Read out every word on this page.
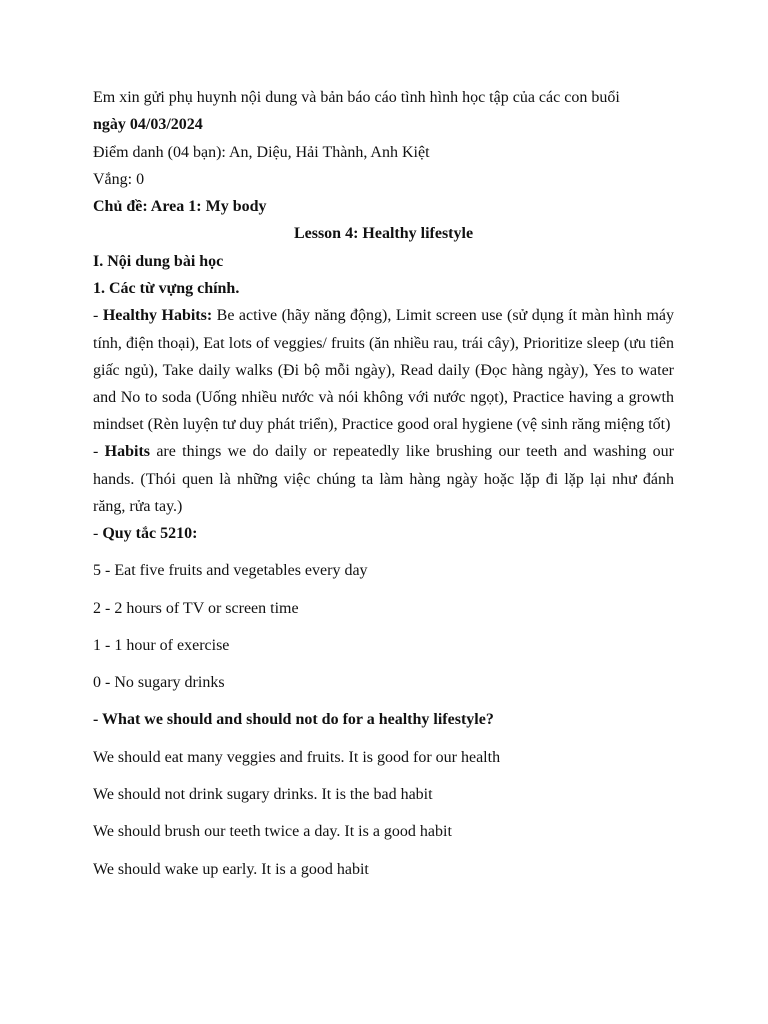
Em xin gửi phụ huynh nội dung và bản báo cáo tình hình học tập của các con buổi

ngày 04/03/2024

Điểm danh (04 bạn): An, Diệu, Hải Thành, Anh Kiệt

Vắng: 0

Chủ đề: Area 1: My body

Lesson 4: Healthy lifestyle

I. Nội dung bài học

1. Các từ vựng chính.

- Healthy Habits: Be active (hãy năng động), Limit screen use (sử dụng ít màn hình máy tính, điện thoại), Eat lots of veggies/ fruits (ăn nhiều rau, trái cây), Prioritize sleep (ưu tiên giấc ngủ), Take daily walks (Đi bộ mỗi ngày), Read daily (Đọc hàng ngày), Yes to water and No to soda (Uống nhiều nước và nói không với nước ngọt), Practice having a growth mindset (Rèn luyện tư duy phát triển), Practice good oral hygiene (vệ sinh răng miệng tốt)

- Habits are things we do daily or repeatedly like brushing our teeth and washing our hands. (Thói quen là những việc chúng ta làm hàng ngày hoặc lặp đi lặp lại như đánh răng, rửa tay.)

- Quy tắc 5210:

5 - Eat five fruits and vegetables every day

2 - 2 hours of TV or screen time

1 - 1 hour of exercise

0 - No sugary drinks

- What we should and should not do for a healthy lifestyle?

We should eat many veggies and fruits. It is good for our health

We should not drink sugary drinks. It is the bad habit

We should brush our teeth twice a day. It is a good habit

We should wake up early. It is a good habit
